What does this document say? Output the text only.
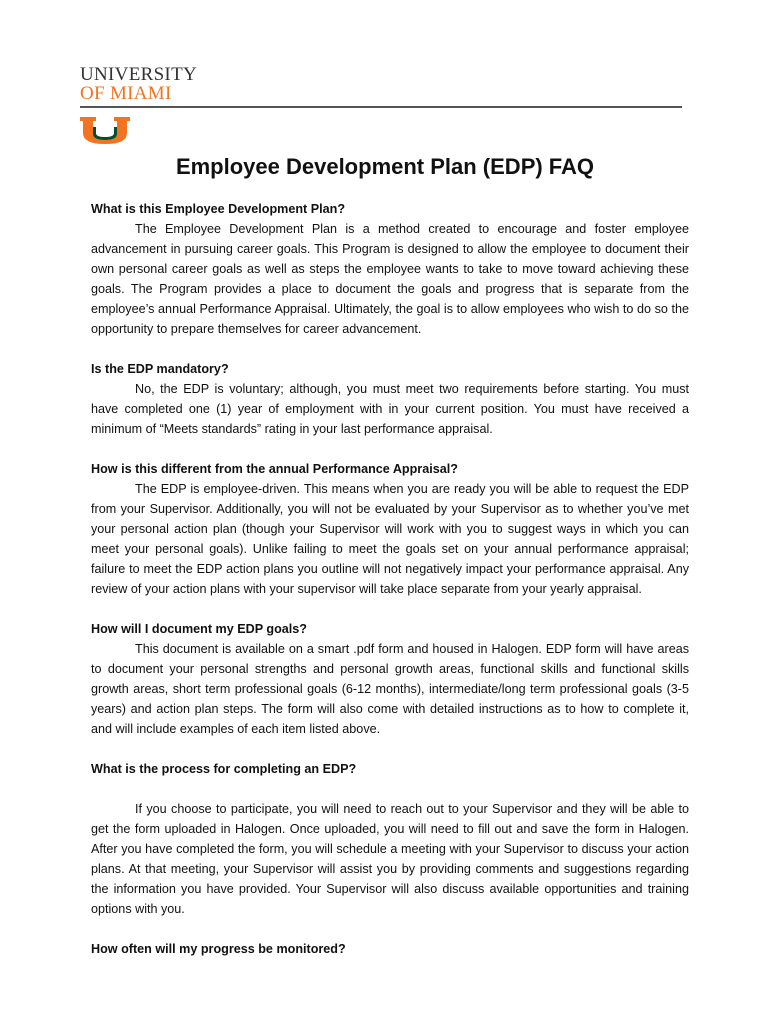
UNIVERSITY
OF MIAMI
Employee Development Plan (EDP) FAQ

What is this Employee Development Plan?

The Employee Development Plan is a method created to encourage and foster employee advancement in pursuing career goals. This Program is designed to allow the employee to document their own personal career goals as well as steps the employee wants to take to move toward achieving these goals. The Program provides a place to document the goals and progress that is separate from the employee’s annual Performance Appraisal. Ultimately, the goal is to allow employees who wish to do so the opportunity to prepare themselves for career advancement.

Is the EDP mandatory?

No, the EDP is voluntary; although, you must meet two requirements before starting. You must have completed one (1) year of employment with in your current position. You must have received a minimum of “Meets standards” rating in your last performance appraisal.

How is this different from the annual Performance Appraisal?

The EDP is employee-driven. This means when you are ready you will be able to request the EDP from your Supervisor. Additionally, you will not be evaluated by your Supervisor as to whether you’ve met your personal action plan (though your Supervisor will work with you to suggest ways in which you can meet your personal goals). Unlike failing to meet the goals set on your annual performance appraisal; failure to meet the EDP action plans you outline will not negatively impact your performance appraisal. Any review of your action plans with your supervisor will take place separate from your yearly appraisal.

How will I document my EDP goals?

This document is available on a smart .pdf form and housed in Halogen. EDP form will have areas to document your personal strengths and personal growth areas, functional skills and functional skills growth areas, short term professional goals (6-12 months), intermediate/long term professional goals (3-5 years) and action plan steps. The form will also come with detailed instructions as to how to complete it, and will include examples of each item listed above.

What is the process for completing an EDP?

If you choose to participate, you will need to reach out to your Supervisor and they will be able to get the form uploaded in Halogen. Once uploaded, you will need to fill out and save the form in Halogen. After you have completed the form, you will schedule a meeting with your Supervisor to discuss your action plans. At that meeting, your Supervisor will assist you by providing comments and suggestions regarding the information you have provided. Your Supervisor will also discuss available opportunities and training options with you.

How often will my progress be monitored?
